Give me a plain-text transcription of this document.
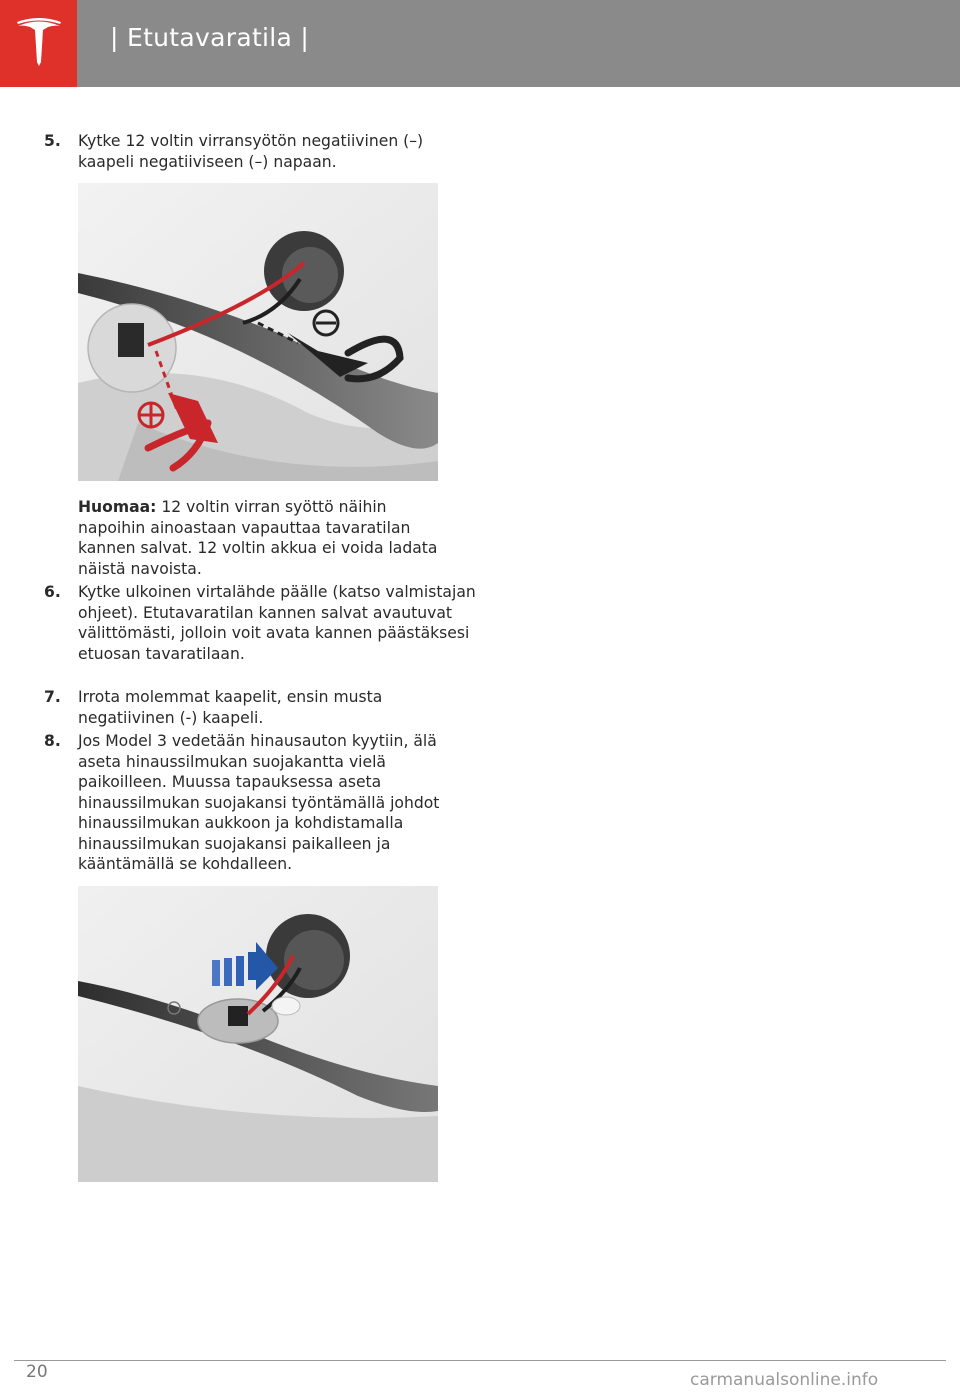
| Etutavaratila |
5. Kytke 12 voltin virransyötön negatiivinen (–) kaapeli negatiiviseen (–) napaan.
Huomaa: 12 voltin virran syöttö näihin napoihin ainoastaan vapauttaa tavaratilan kannen salvat. 12 voltin akkua ei voida ladata näistä navoista.
6. Kytke ulkoinen virtalähde päälle (katso valmistajan ohjeet). Etutavaratilan kannen salvat avautuvat välittömästi, jolloin voit avata kannen päästäksesi etuosan tavaratilaan.
7. Irrota molemmat kaapelit, ensin musta negatiivinen (-) kaapeli.
8. Jos Model 3 vedetään hinausauton kyytiin, älä aseta hinaussilmukan suojakantta vielä paikoilleen. Muussa tapauksessa aseta hinaussilmukan suojakansi työntämällä johdot hinaussilmukan aukkoon ja kohdistamalla hinaussilmukan suojakansi paikalleen ja kääntämällä se kohdalleen.
20	carmanualsonline.info
